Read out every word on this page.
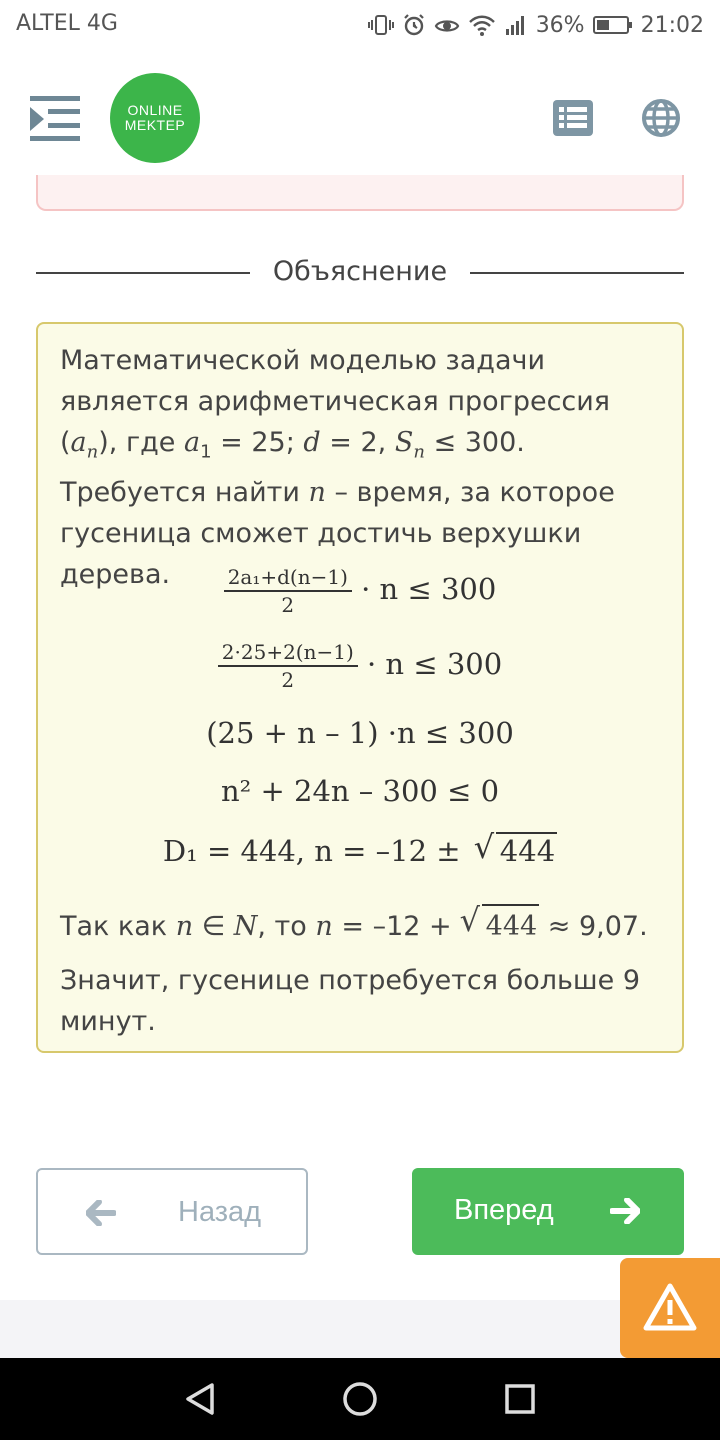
ALTEL 4G	36%	21:02
ONLINE
MEKTEP
Объяснение
Математической моделью задачи является арифметическая прогрессия $(a_n)$, где $a_1 = 25$; d = 2, $S_n \le 300$. Требуется найти n – время, за которое гусеница сможет достичь верхушки дерева.	$\frac{\text{2a₁+d(n−1)}}{2} \cdot n \le 300$
$\frac{2\cdot 25+2(n-1)}{2} \cdot n \le 300$
(25 + n – 1) ·n ≤ 300
n² + 24n – 300 ≤ 0
D₁ = 444, n = –12 ± √ 444
Так как n ∈ N, то n = –12 + √ 444 ≈ 9,07.
Значит, гусенице потребуется больше 9 минут.
Назад	Вперед
